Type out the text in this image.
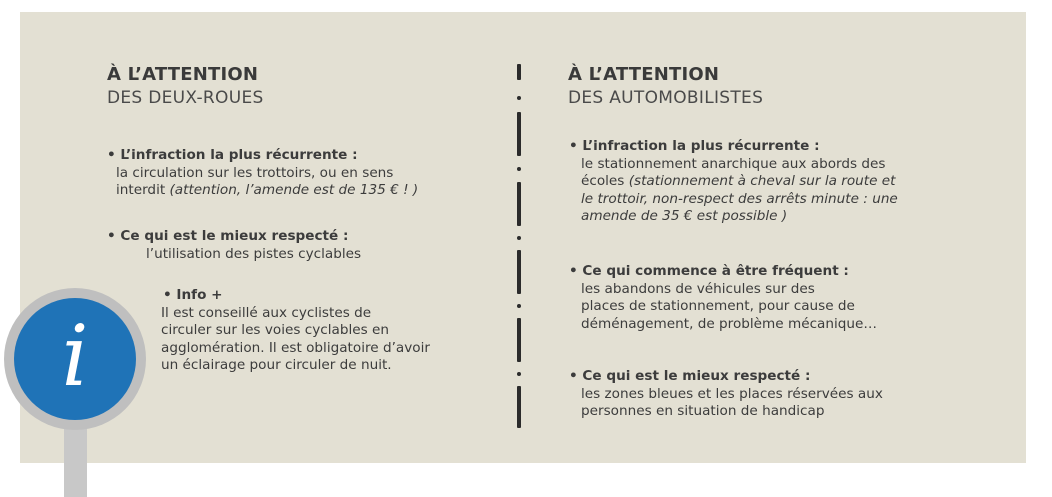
À L’ATTENTION
DES DEUX-ROUES
• L’infraction la plus récurrente :
la circulation sur les trottoirs, ou en sens
interdit (attention, l’amende est de 135 € ! )
• Ce qui est le mieux respecté :
l’utilisation des pistes cyclables
• Info +
Il est conseillé aux cyclistes de
circuler sur les voies cyclables en
agglomération. Il est obligatoire d’avoir
un éclairage pour circuler de nuit.
À L’ATTENTION
DES AUTOMOBILISTES
• L’infraction la plus récurrente :
le stationnement anarchique aux abords des
écoles (stationnement à cheval sur la route et
le trottoir, non-respect des arrêts minute : une
amende de 35 € est possible )
• Ce qui commence à être fréquent :
les abandons de véhicules sur des
places de stationnement, pour cause de
déménagement, de problème mécanique…
• Ce qui est le mieux respecté :
les zones bleues et les places réservées aux
personnes en situation de handicap
i
